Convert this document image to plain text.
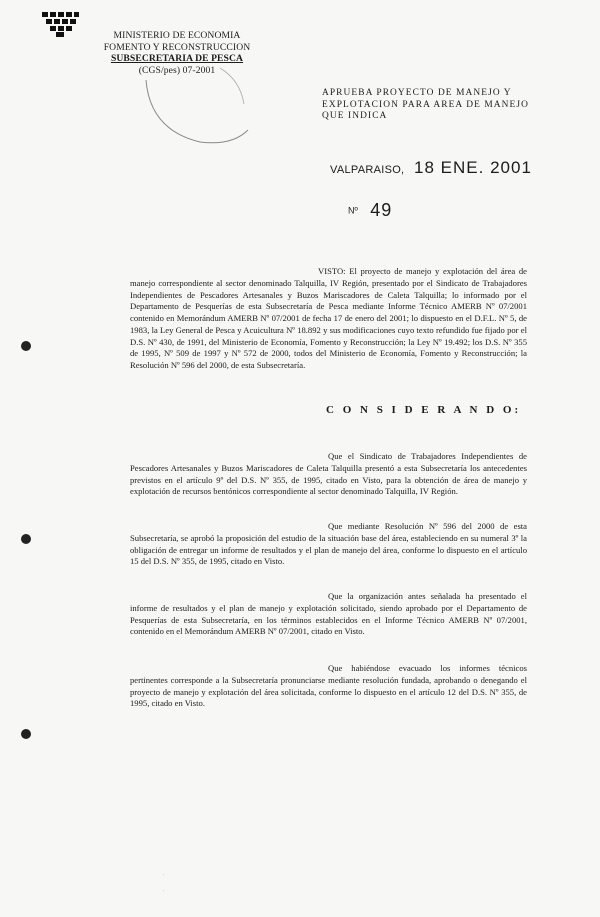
MINISTERIO DE ECONOMIA
FOMENTO Y RECONSTRUCCION
SUBSECRETARIA DE PESCA
(CGS/pes) 07-2001
APRUEBA PROYECTO DE MANEJO Y EXPLOTACION PARA AREA DE MANEJO QUE INDICA
VALPARAISO, 18 ENE. 2001
Nº 49
VISTO: El proyecto de manejo y explotación del área de manejo correspondiente al sector denominado Talquilla, IV Región, presentado por el Sindicato de Trabajadores Independientes de Pescadores Artesanales y Buzos Mariscadores de Caleta Talquilla; lo informado por el Departamento de Pesquerías de esta Subsecretaría de Pesca mediante Informe Técnico AMERB Nº 07/2001 contenido en Memorándum AMERB Nº 07/2001 de fecha 17 de enero del 2001; lo dispuesto en el D.F.L. Nº 5, de 1983, la Ley General de Pesca y Acuicultura Nº 18.892 y sus modificaciones cuyo texto refundido fue fijado por el D.S. Nº 430, de 1991, del Ministerio de Economía, Fomento y Reconstrucción; la Ley Nº 19.492; los D.S. Nº 355 de 1995, Nº 509 de 1997 y Nº 572 de 2000, todos del Ministerio de Economía, Fomento y Reconstrucción; la Resolución Nº 596 del 2000, de esta Subsecretaría.
C O N S I D E R A N D O:
Que el Sindicato de Trabajadores Independientes de Pescadores Artesanales y Buzos Mariscadores de Caleta Talquilla presentó a esta Subsecretaría los antecedentes previstos en el artículo 9º del D.S. Nº 355, de 1995, citado en Visto, para la obtención de área de manejo y explotación de recursos bentónicos correspondiente al sector denominado Talquilla, IV Región.
Que mediante Resolución Nº 596 del 2000 de esta Subsecretaría, se aprobó la proposición del estudio de la situación base del área, estableciendo en su numeral 3º la obligación de entregar un informe de resultados y el plan de manejo del área, conforme lo dispuesto en el artículo 15 del D.S. Nº 355, de 1995, citado en Visto.
Que la organización antes señalada ha presentado el informe de resultados y el plan de manejo y explotación solicitado, siendo aprobado por el Departamento de Pesquerías de esta Subsecretaría, en los términos establecidos en el Informe Técnico AMERB Nº 07/2001, contenido en el Memorándum AMERB Nº 07/2001, citado en Visto.
Que habiéndose evacuado los informes técnicos pertinentes corresponde a la Subsecretaría pronunciarse mediante resolución fundada, aprobando o denegando el proyecto de manejo y explotación del área solicitada, conforme lo dispuesto en el artículo 12 del D.S. Nº 355, de 1995, citado en Visto.
.
.
